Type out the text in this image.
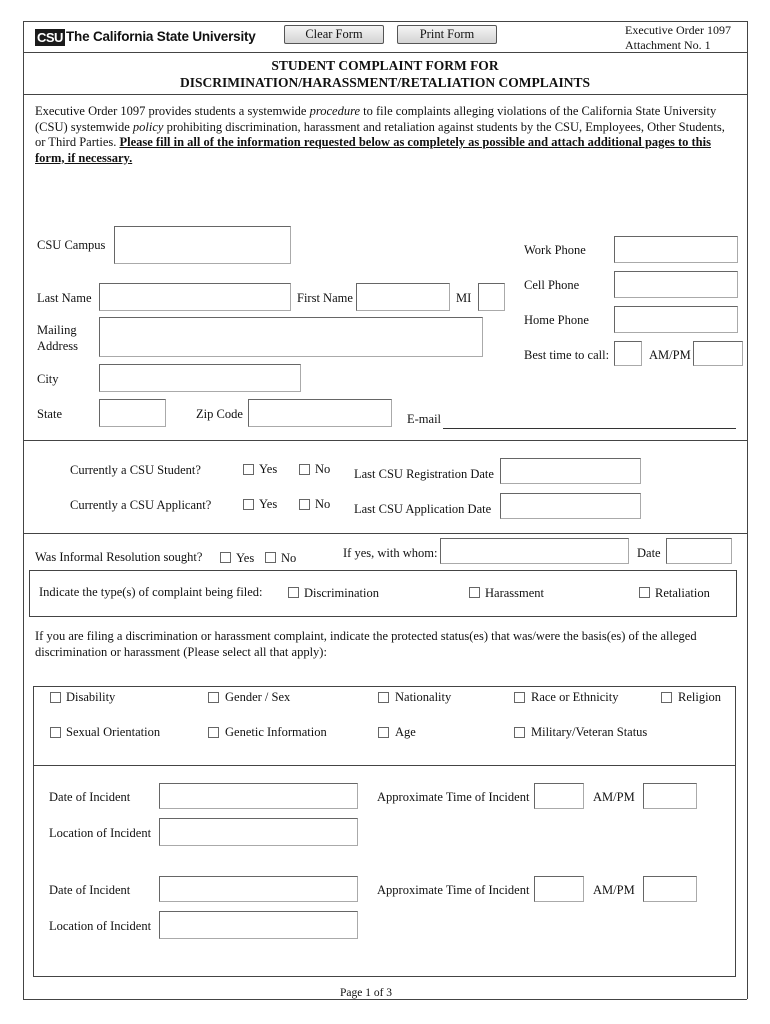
CSU The California State University	Clear Form	Print Form	Executive Order 1097
Attachment No. 1
STUDENT COMPLAINT FORM FOR
DISCRIMINATION/HARASSMENT/RETALIATION COMPLAINTS
Executive Order 1097 provides students a systemwide procedure to file complaints alleging violations of the California State University (CSU) systemwide policy prohibiting discrimination, harassment and retaliation against students by the CSU, Employees, Other Students, or Third Parties. Please fill in all of the information requested below as completely as possible and attach additional pages to this form, if necessary.
CSU Campus	Work Phone
Cell Phone
Home Phone
Best time to call:	AM/PM
Last Name	First Name	MI
Mailing
Address
City
State	Zip Code	E-mail
Currently a CSU Student?	Yes	No Last CSU Registration Date
Currently a CSU Applicant?	Yes	No Last CSU Application Date
Was Informal Resolution sought?	Yes No	If yes, with whom:	Date
Indicate the type(s) of complaint being filed:	Discrimination	Harassment	Retaliation
If you are filing a discrimination or harassment complaint, indicate the protected status(es) that was/were the basis(es) of the alleged discrimination or harassment (Please select all that apply):
Disability	Gender / Sex	Nationality	Race or Ethnicity	Religion
Sexual Orientation	Genetic Information	Age	Military/Veteran Status
Date of Incident	Approximate Time of Incident	AM/PM
Location of Incident
Date of Incident	Approximate Time of Incident	AM/PM
Location of Incident
Page 1 of 3
